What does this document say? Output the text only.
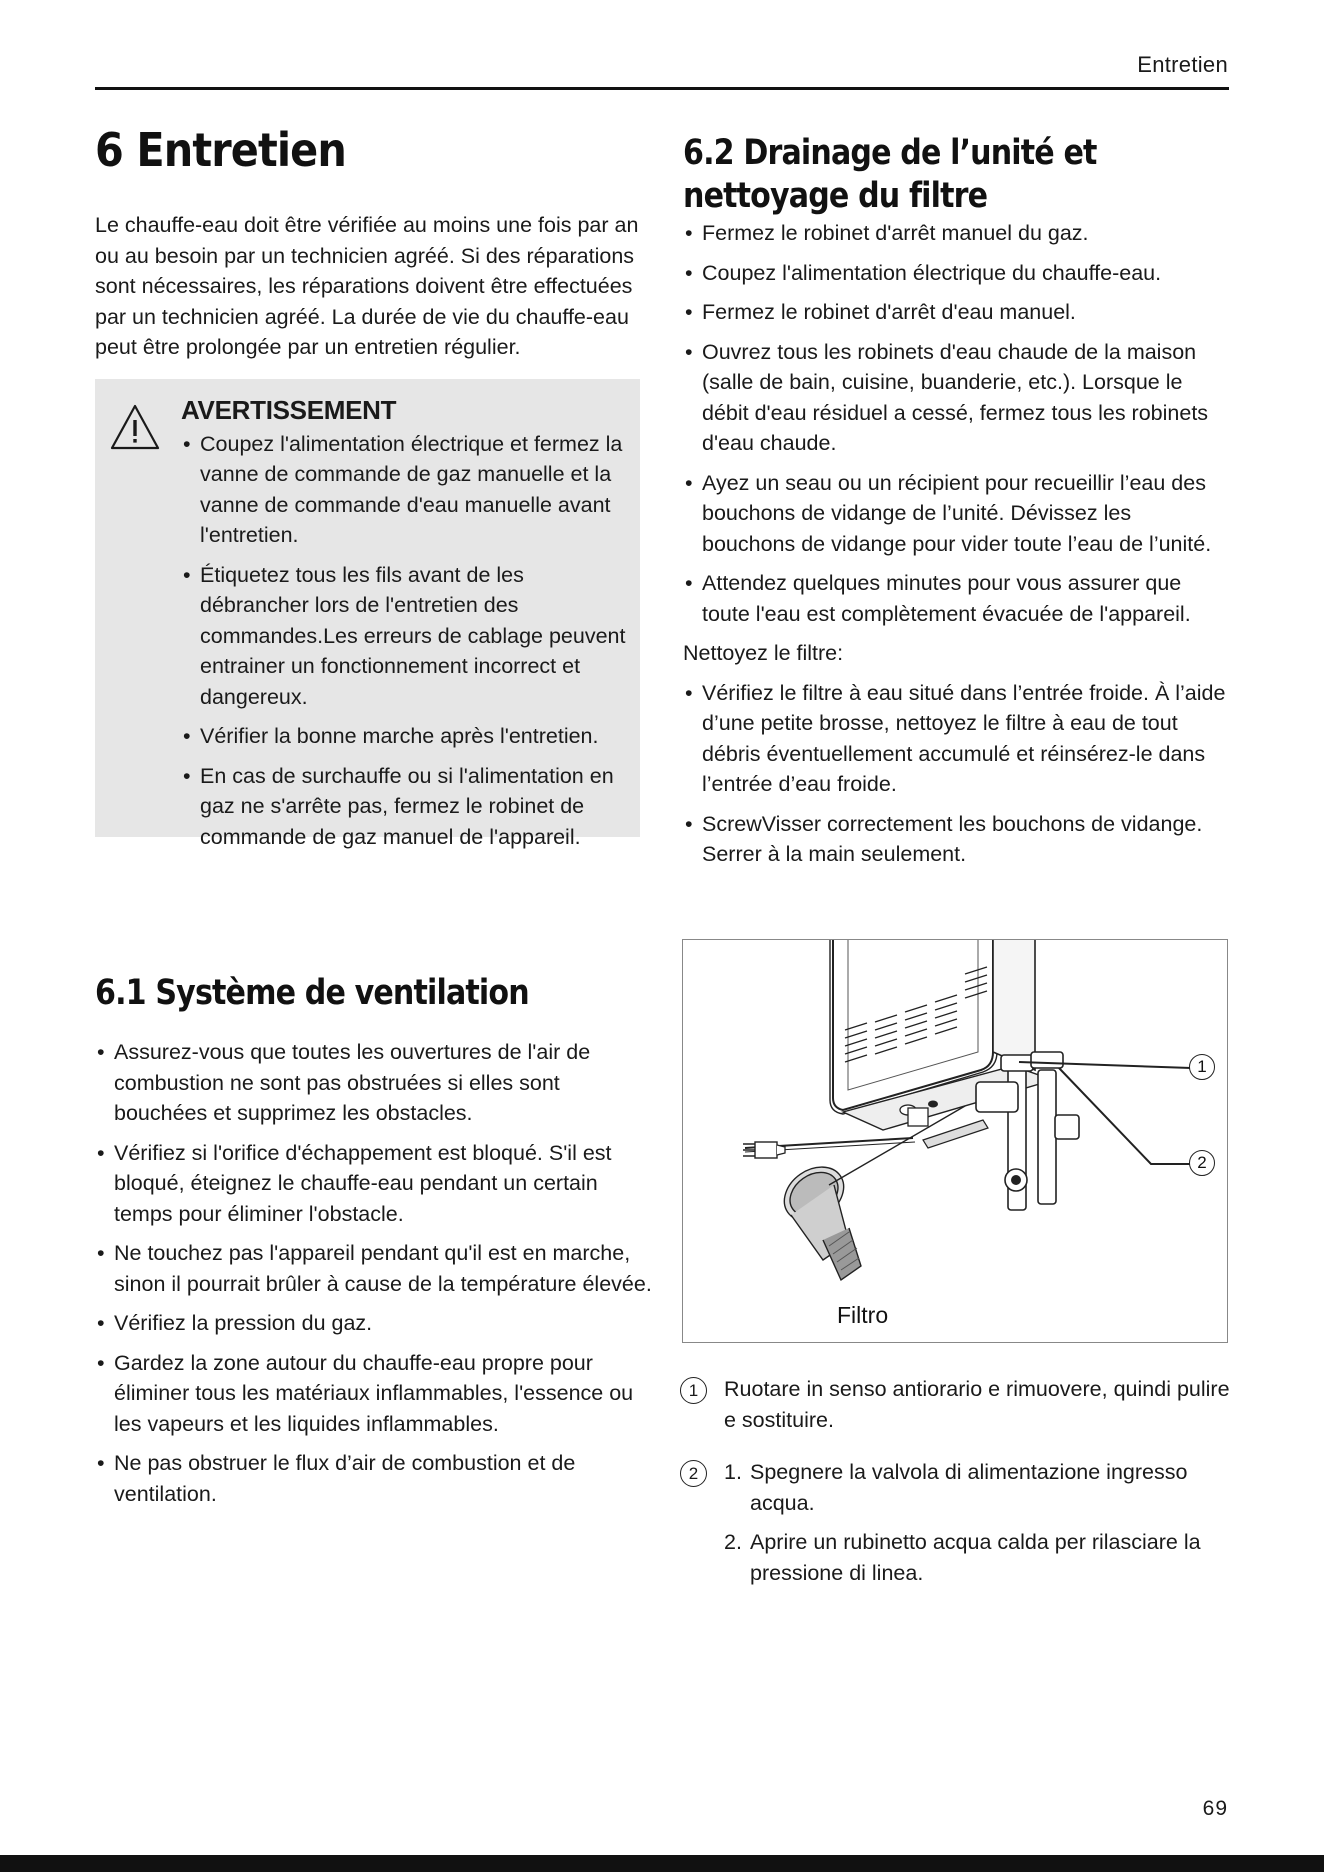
Entretien
6 Entretien

Le chauffe-eau doit être vérifiée au moins une fois par an ou au besoin par un technicien agréé. Si des réparations sont nécessaires, les réparations doivent être effectuées par un technicien agréé. La durée de vie du chauffe-eau peut être prolongée par un entretien régulier.

AVERTISSEMENT
• Coupez l'alimentation électrique et fermez la vanne de commande de gaz manuelle et la vanne de commande d'eau manuelle avant l'entretien.
• Étiquetez tous les fils avant de les débrancher lors de l'entretien des commandes.Les erreurs de cablage peuvent entrainer un fonctionnement incorrect et dangereux.
• Vérifier la bonne marche après l'entretien.
• En cas de surchauffe ou si l'alimentation en gaz ne s'arrête pas, fermez le robinet de commande de gaz manuel de l'appareil.
6.1 Système de ventilation
• Assurez-vous que toutes les ouvertures de l'air de combustion ne sont pas obstruées si elles sont bouchées et supprimez les obstacles.
• Vérifiez si l'orifice d'échappement est bloqué. S'il est bloqué, éteignez le chauffe-eau pendant un certain temps pour éliminer l'obstacle.
• Ne touchez pas l'appareil pendant qu'il est en marche, sinon il pourrait brûler à cause de la température élevée.
• Vérifiez la pression du gaz.
• Gardez la zone autour du chauffe-eau propre pour éliminer tous les matériaux inflammables, l'essence ou les vapeurs et les liquides inflammables.
• Ne pas obstruer le flux d’air de combustion et de ventilation.
6.2 Drainage de l’unité et
nettoyage du filtre
• Fermez le robinet d'arrêt manuel du gaz.
• Coupez l'alimentation électrique du chauffe-eau.
• Fermez le robinet d'arrêt d'eau manuel.
• Ouvrez tous les robinets d'eau chaude de la maison (salle de bain, cuisine, buanderie, etc.). Lorsque le débit d'eau résiduel a cessé, fermez tous les robinets d'eau chaude.
• Ayez un seau ou un récipient pour recueillir l’eau des bouchons de vidange de l’unité. Dévissez les bouchons de vidange pour vider toute l’eau de l’unité.
• Attendez quelques minutes pour vous assurer que toute l'eau est complètement évacuée de l'appareil.

Nettoyez le filtre:

• Vérifiez le filtre à eau situé dans l’entrée froide. À l’aide d’une petite brosse, nettoyez le filtre à eau de tout débris éventuellement accumulé et réinsérez-le dans l’entrée d’eau froide.
• ScrewVisser correctement les bouchons de vidange. Serrer à la main seulement.
1
2
Filtro
1	Ruotare in senso antiorario e rimuovere, quindi pulire e sostituire.

2	1. Spegnere la valvola di alimentazione ingresso acqua.
2. Aprire un rubinetto acqua calda per rilasciare la pressione di linea.
69
